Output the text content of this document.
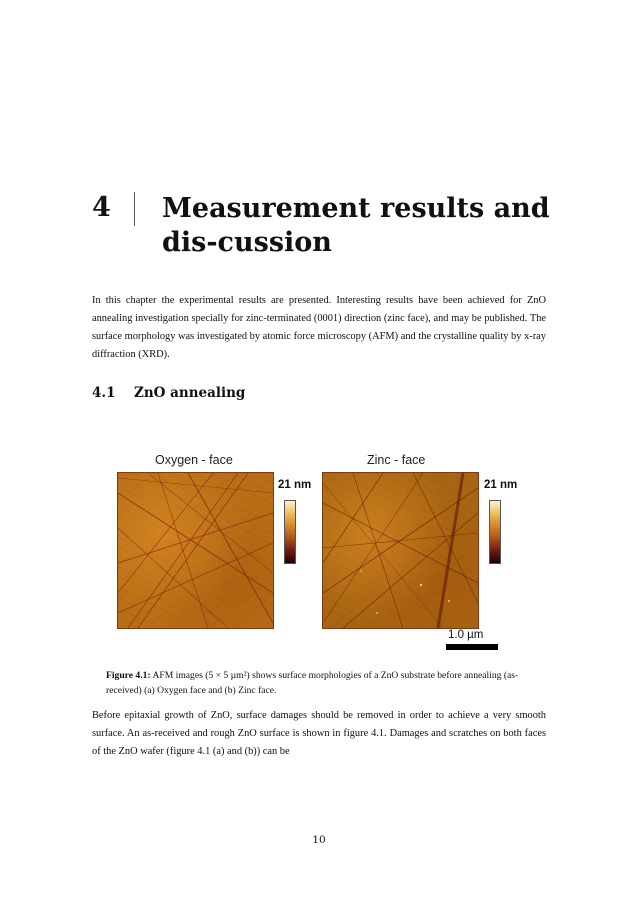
4 Measurement results and dis-cussion
In this chapter the experimental results are presented. Interesting results have been achieved for ZnO annealing investigation specially for zinc-terminated (0001) direction (zinc face), and may be published. The surface morphology was investigated by atomic force microscopy (AFM) and the crystalline quality by x-ray diffraction (XRD).
4.1 ZnO annealing
Oxygen - face	Zinc - face
21 nm	21 nm
1.0 µm
Figure 4.1: AFM images (5 × 5 µm²) shows surface morphologies of a ZnO substrate before annealing (as-received) (a) Oxygen face and (b) Zinc face.
Before epitaxial growth of ZnO, surface damages should be removed in order to achieve a very smooth surface. An as-received and rough ZnO surface is shown in figure 4.1. Damages and scratches on both faces of the ZnO wafer (figure 4.1 (a) and (b)) can be
10
